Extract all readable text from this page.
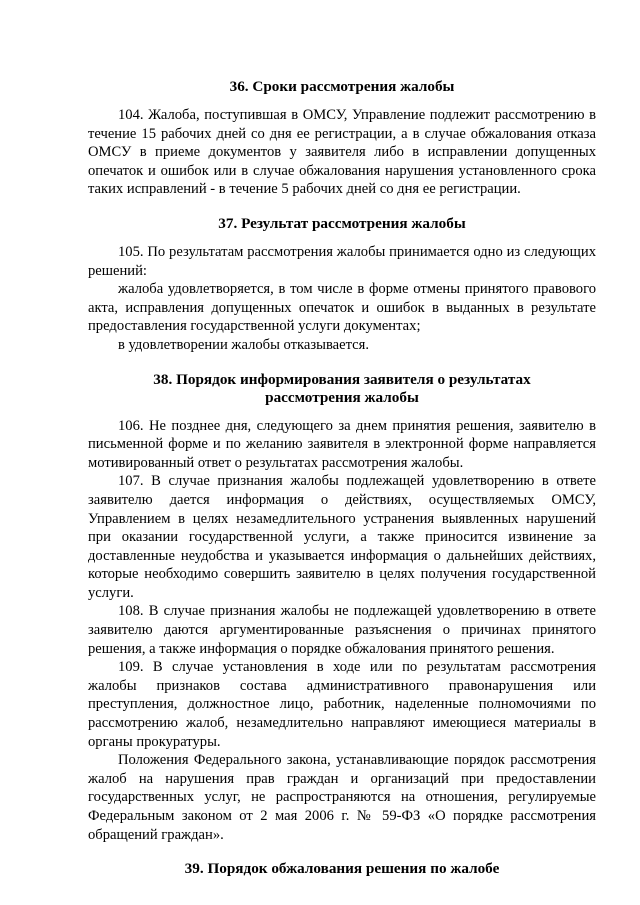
36. Сроки рассмотрения жалобы

104. Жалоба, поступившая в ОМСУ, Управление подлежит рассмотрению в течение 15 рабочих дней со дня ее регистрации, а в случае обжалования отказа ОМСУ в приеме документов у заявителя либо в исправлении допущенных опечаток и ошибок или в случае обжалования нарушения установленного срока таких исправлений - в течение 5 рабочих дней со дня ее регистрации.

37. Результат рассмотрения жалобы

105. По результатам рассмотрения жалобы принимается одно из следующих решений:

жалоба удовлетворяется, в том числе в форме отмены принятого правового акта, исправления допущенных опечаток и ошибок в выданных в результате предоставления государственной услуги документах;

в удовлетворении жалобы отказывается.

38. Порядок информирования заявителя о результатах

рассмотрения жалобы

106. Не позднее дня, следующего за днем принятия решения, заявителю в письменной форме и по желанию заявителя в электронной форме направляется мотивированный ответ о результатах рассмотрения жалобы.

107. В случае признания жалобы подлежащей удовлетворению в ответе заявителю дается информация о действиях, осуществляемых ОМСУ, Управлением в целях незамедлительного устранения выявленных нарушений при оказании государственной услуги, а также приносится извинение за доставленные неудобства и указывается информация о дальнейших действиях, которые необходимо совершить заявителю в целях получения государственной услуги.

108. В случае признания жалобы не подлежащей удовлетворению в ответе заявителю даются аргументированные разъяснения о причинах принятого решения, а также информация о порядке обжалования принятого решения.

109. В случае установления в ходе или по результатам рассмотрения жалобы признаков состава административного правонарушения или преступления, должностное лицо, работник, наделенные полномочиями по рассмотрению жалоб, незамедлительно направляют имеющиеся материалы в органы прокуратуры.

Положения Федерального закона, устанавливающие порядок рассмотрения жалоб на нарушения прав граждан и организаций при предоставлении государственных услуг, не распространяются на отношения, регулируемые Федеральным законом от 2 мая 2006 г. № 59-ФЗ «О порядке рассмотрения обращений граждан».

39. Порядок обжалования решения по жалобе
